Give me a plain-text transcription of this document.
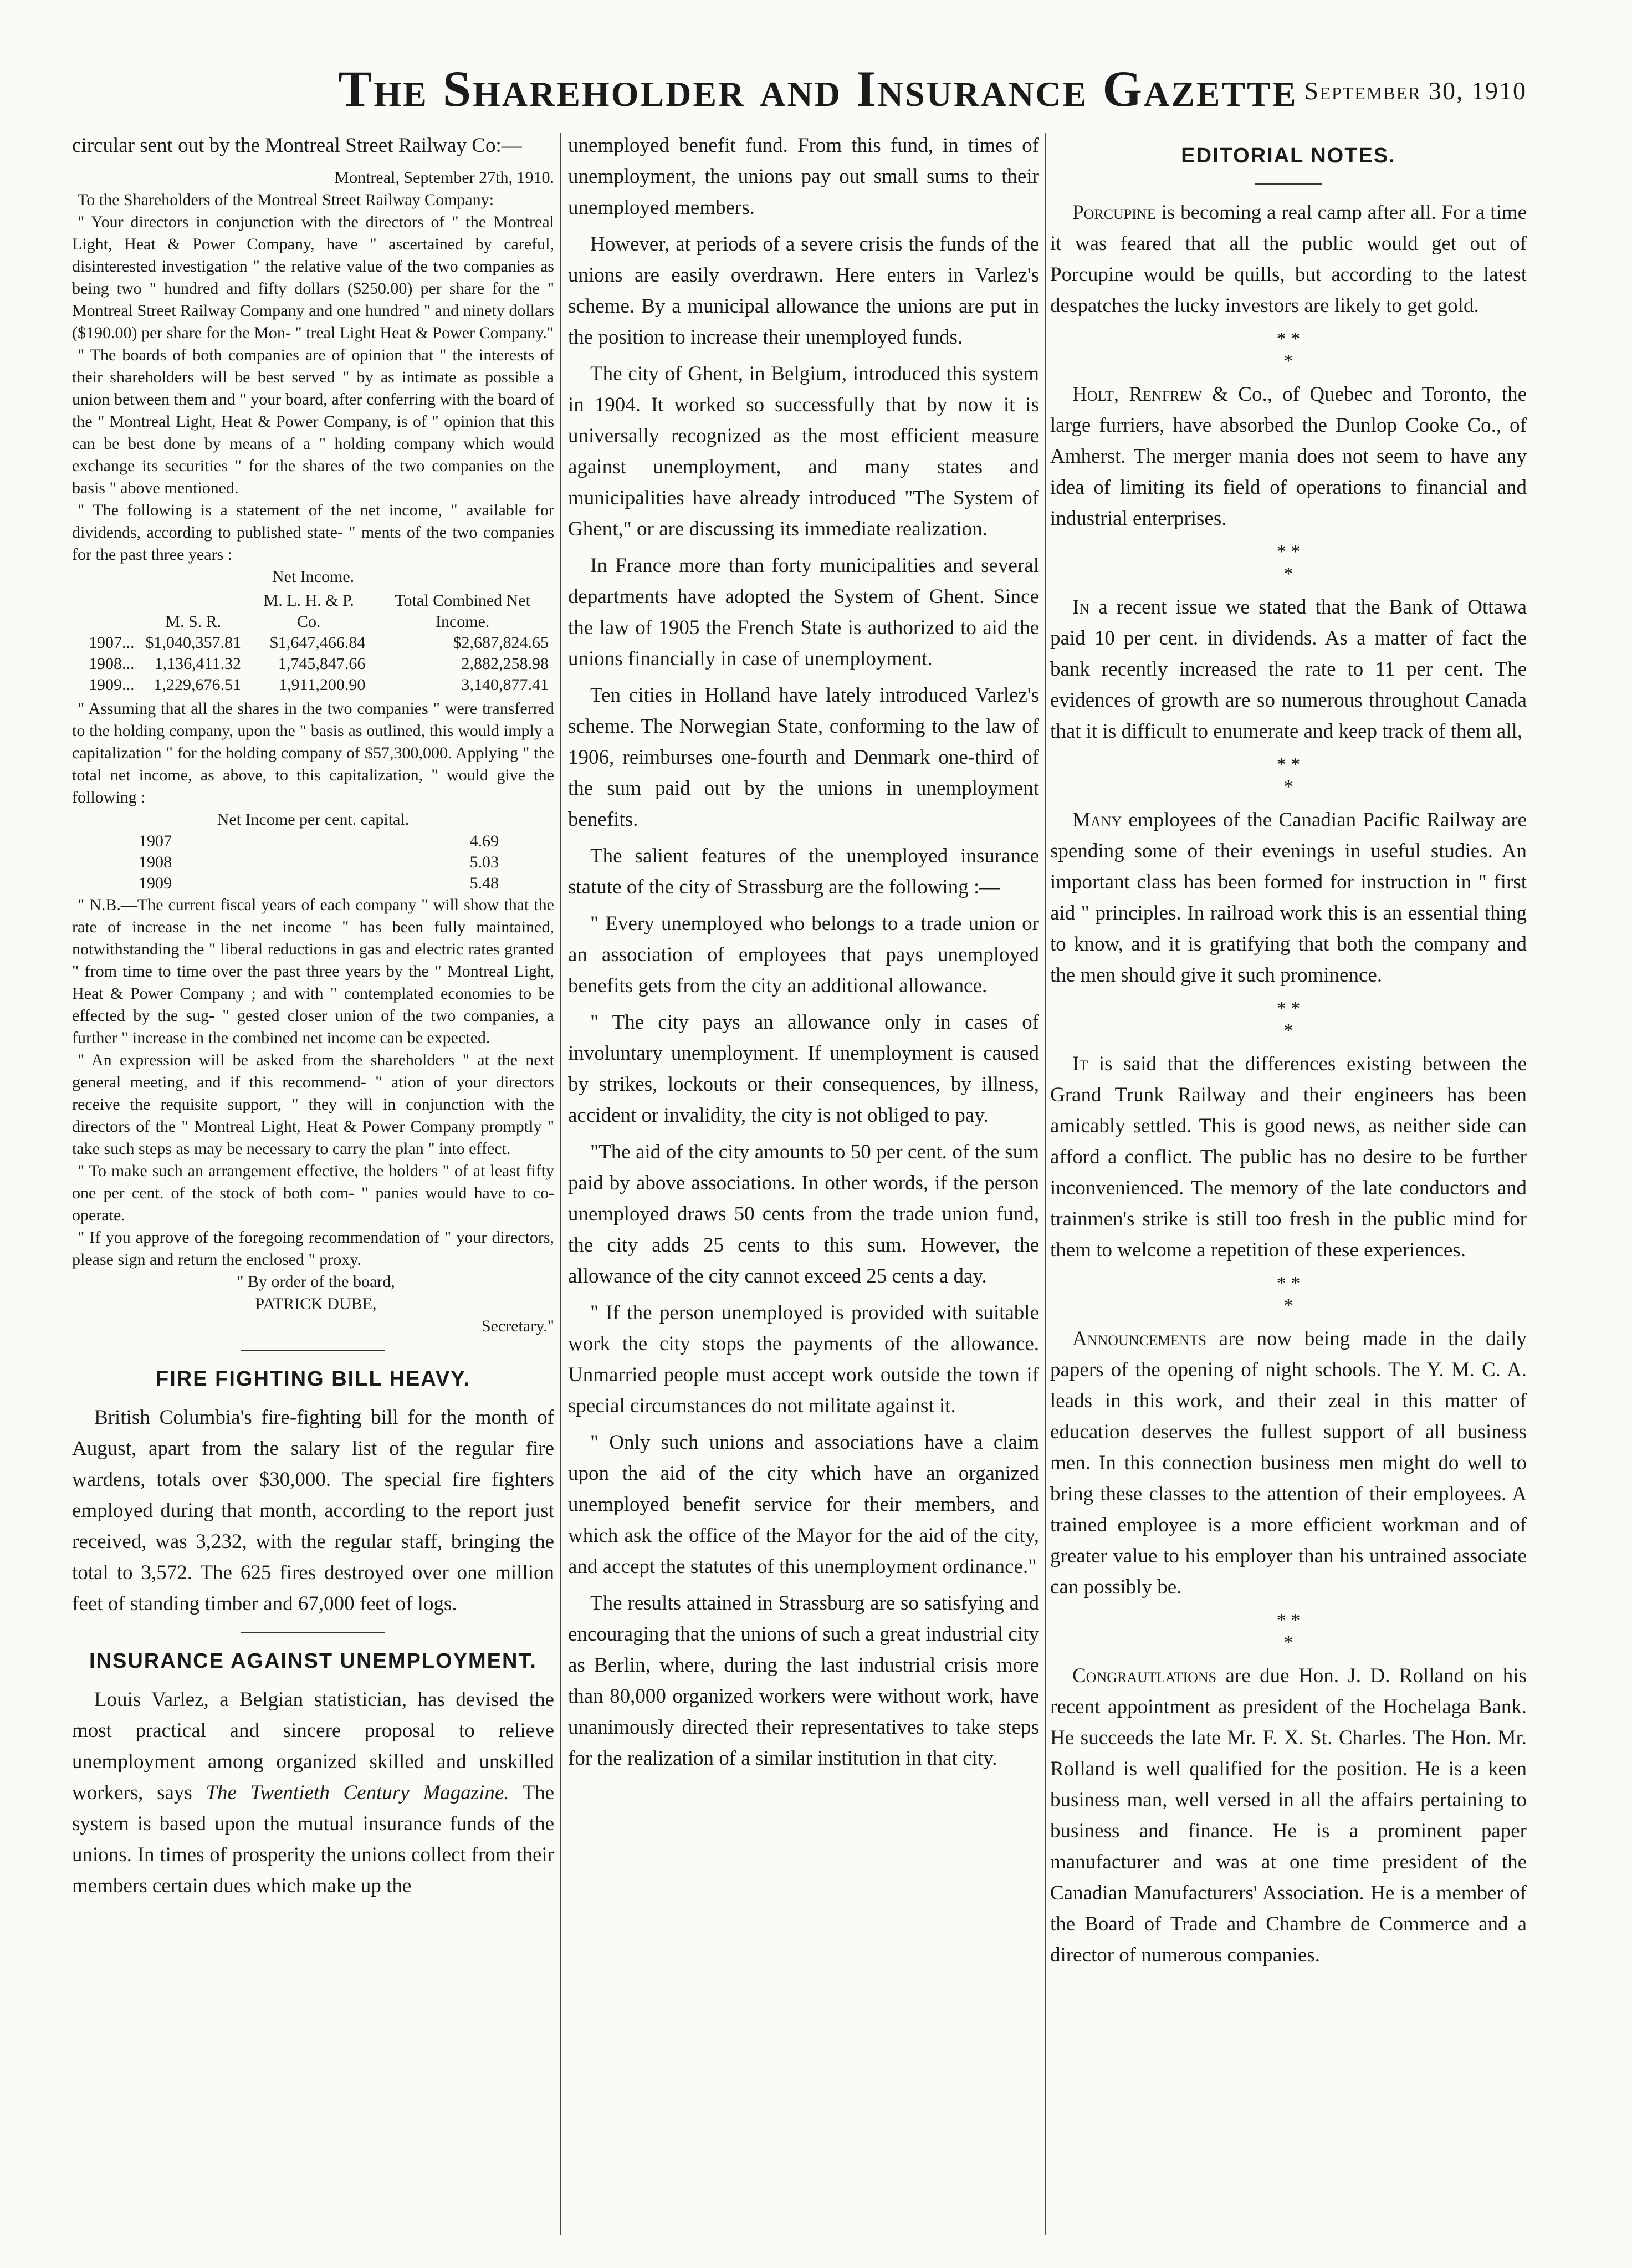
The Shareholder and Insurance Gazette September 30, 1910

circular sent out by the Montreal Street Railway Co:—

Montreal, September 27th, 1910.

To the Shareholders of the Montreal Street Railway Company:

" Your directors in conjunction with the directors of " the Montreal Light, Heat & Power Company, have " ascertained by careful, disinterested investigation " the relative value of the two companies as being two " hundred and fifty dollars ($250.00) per share for the " Montreal Street Railway Company and one hundred " and ninety dollars ($190.00) per share for the Mon- " treal Light Heat & Power Company."

" The boards of both companies are of opinion that " the interests of their shareholders will be best served " by as intimate as possible a union between them and " your board, after conferring with the board of the " Montreal Light, Heat & Power Company, is of " opinion that this can be best done by means of a " holding company which would exchange its securities " for the shares of the two companies on the basis " above mentioned.

" The following is a statement of the net income, " available for dividends, according to published state- " ments of the two companies for the past three years :

Net Income.
	M. S. R.	M. L. H. & P. Co.	Total Combined Net Income.
1907...	$1,040,357.81	$1,647,466.84	$2,687,824.65
1908...	1,136,411.32	1,745,847.66	2,882,258.98
1909...	1,229,676.51	1,911,200.90	3,140,877.41

" Assuming that all the shares in the two companies " were transferred to the holding company, upon the " basis as outlined, this would imply a capitalization " for the holding company of $57,300,000. Applying " the total net income, as above, to this capitalization, " would give the following :

Net Income per cent. capital.
1907	4.69
1908	5.03
1909	5.48

" N.B.—The current fiscal years of each company " will show that the rate of increase in the net income " has been fully maintained, notwithstanding the " liberal reductions in gas and electric rates granted " from time to time over the past three years by the " Montreal Light, Heat & Power Company ; and with " contemplated economies to be effected by the sug- " gested closer union of the two companies, a further " increase in the combined net income can be expected.

" An expression will be asked from the shareholders " at the next general meeting, and if this recommend- " ation of your directors receive the requisite support, " they will in conjunction with the directors of the " Montreal Light, Heat & Power Company promptly " take such steps as may be necessary to carry the plan " into effect.

" To make such an arrangement effective, the holders " of at least fifty one per cent. of the stock of both com- " panies would have to co-operate.

" If you approve of the foregoing recommendation of " your directors, please sign and return the enclosed " proxy.

" By order of the board,

PATRICK DUBE,

Secretary."

FIRE FIGHTING BILL HEAVY.

British Columbia's fire-fighting bill for the month of August, apart from the salary list of the regular fire wardens, totals over $30,000. The special fire fighters employed during that month, according to the report just received, was 3,232, with the regular staff, bringing the total to 3,572. The 625 fires destroyed over one million feet of standing timber and 67,000 feet of logs.

INSURANCE AGAINST UNEMPLOYMENT.

Louis Varlez, a Belgian statistician, has devised the most practical and sincere proposal to relieve unemployment among organized skilled and unskilled workers, says The Twentieth Century Magazine. The system is based upon the mutual insurance funds of the unions. In times of prosperity the unions collect from their members certain dues which make up the

unemployed benefit fund. From this fund, in times of unemployment, the unions pay out small sums to their unemployed members.

However, at periods of a severe crisis the funds of the unions are easily overdrawn. Here enters in Varlez's scheme. By a municipal allowance the unions are put in the position to increase their unemployed funds.

The city of Ghent, in Belgium, introduced this system in 1904. It worked so successfully that by now it is universally recognized as the most efficient measure against unemployment, and many states and municipalities have already introduced "The System of Ghent," or are discussing its immediate realization.

In France more than forty municipalities and several departments have adopted the System of Ghent. Since the law of 1905 the French State is authorized to aid the unions financially in case of unemployment.

Ten cities in Holland have lately introduced Varlez's scheme. The Norwegian State, conforming to the law of 1906, reimburses one-fourth and Denmark one-third of the sum paid out by the unions in unemployment benefits.

The salient features of the unemployed insurance statute of the city of Strassburg are the following :—

" Every unemployed who belongs to a trade union or an association of employees that pays unemployed benefits gets from the city an additional allowance.

" The city pays an allowance only in cases of involuntary unemployment. If unemployment is caused by strikes, lockouts or their consequences, by illness, accident or invalidity, the city is not obliged to pay.

"The aid of the city amounts to 50 per cent. of the sum paid by above associations. In other words, if the person unemployed draws 50 cents from the trade union fund, the city adds 25 cents to this sum. However, the allowance of the city cannot exceed 25 cents a day.

" If the person unemployed is provided with suitable work the city stops the payments of the allowance. Unmarried people must accept work outside the town if special circumstances do not militate against it.

" Only such unions and associations have a claim upon the aid of the city which have an organized unemployed benefit service for their members, and which ask the office of the Mayor for the aid of the city, and accept the statutes of this unemployment ordinance."

The results attained in Strassburg are so satisfying and encouraging that the unions of such a great industrial city as Berlin, where, during the last industrial crisis more than 80,000 organized workers were without work, have unanimously directed their representatives to take steps for the realization of a similar institution in that city.

EDITORIAL NOTES.

Porcupine is becoming a real camp after all. For a time it was feared that all the public would get out of Porcupine would be quills, but according to the latest despatches the lucky investors are likely to get gold.

* *
*

Holt, Renfrew & Co., of Quebec and Toronto, the large furriers, have absorbed the Dunlop Cooke Co., of Amherst. The merger mania does not seem to have any idea of limiting its field of operations to financial and industrial enterprises.

* *
*

In a recent issue we stated that the Bank of Ottawa paid 10 per cent. in dividends. As a matter of fact the bank recently increased the rate to 11 per cent. The evidences of growth are so numerous throughout Canada that it is difficult to enumerate and keep track of them all,

* *
*

Many employees of the Canadian Pacific Railway are spending some of their evenings in useful studies. An important class has been formed for instruction in " first aid " principles. In railroad work this is an essential thing to know, and it is gratifying that both the company and the men should give it such prominence.

* *
*

It is said that the differences existing between the Grand Trunk Railway and their engineers has been amicably settled. This is good news, as neither side can afford a conflict. The public has no desire to be further inconvenienced. The memory of the late conductors and trainmen's strike is still too fresh in the public mind for them to welcome a repetition of these experiences.

* *
*

Announcements are now being made in the daily papers of the opening of night schools. The Y. M. C. A. leads in this work, and their zeal in this matter of education deserves the fullest support of all business men. In this connection business men might do well to bring these classes to the attention of their employees. A trained employee is a more efficient workman and of greater value to his employer than his untrained associate can possibly be.

* *
*

Congrautlations are due Hon. J. D. Rolland on his recent appointment as president of the Hochelaga Bank. He succeeds the late Mr. F. X. St. Charles. The Hon. Mr. Rolland is well qualified for the position. He is a keen business man, well versed in all the affairs pertaining to business and finance. He is a prominent paper manufacturer and was at one time president of the Canadian Manufacturers' Association. He is a member of the Board of Trade and Chambre de Commerce and a director of numerous companies.
